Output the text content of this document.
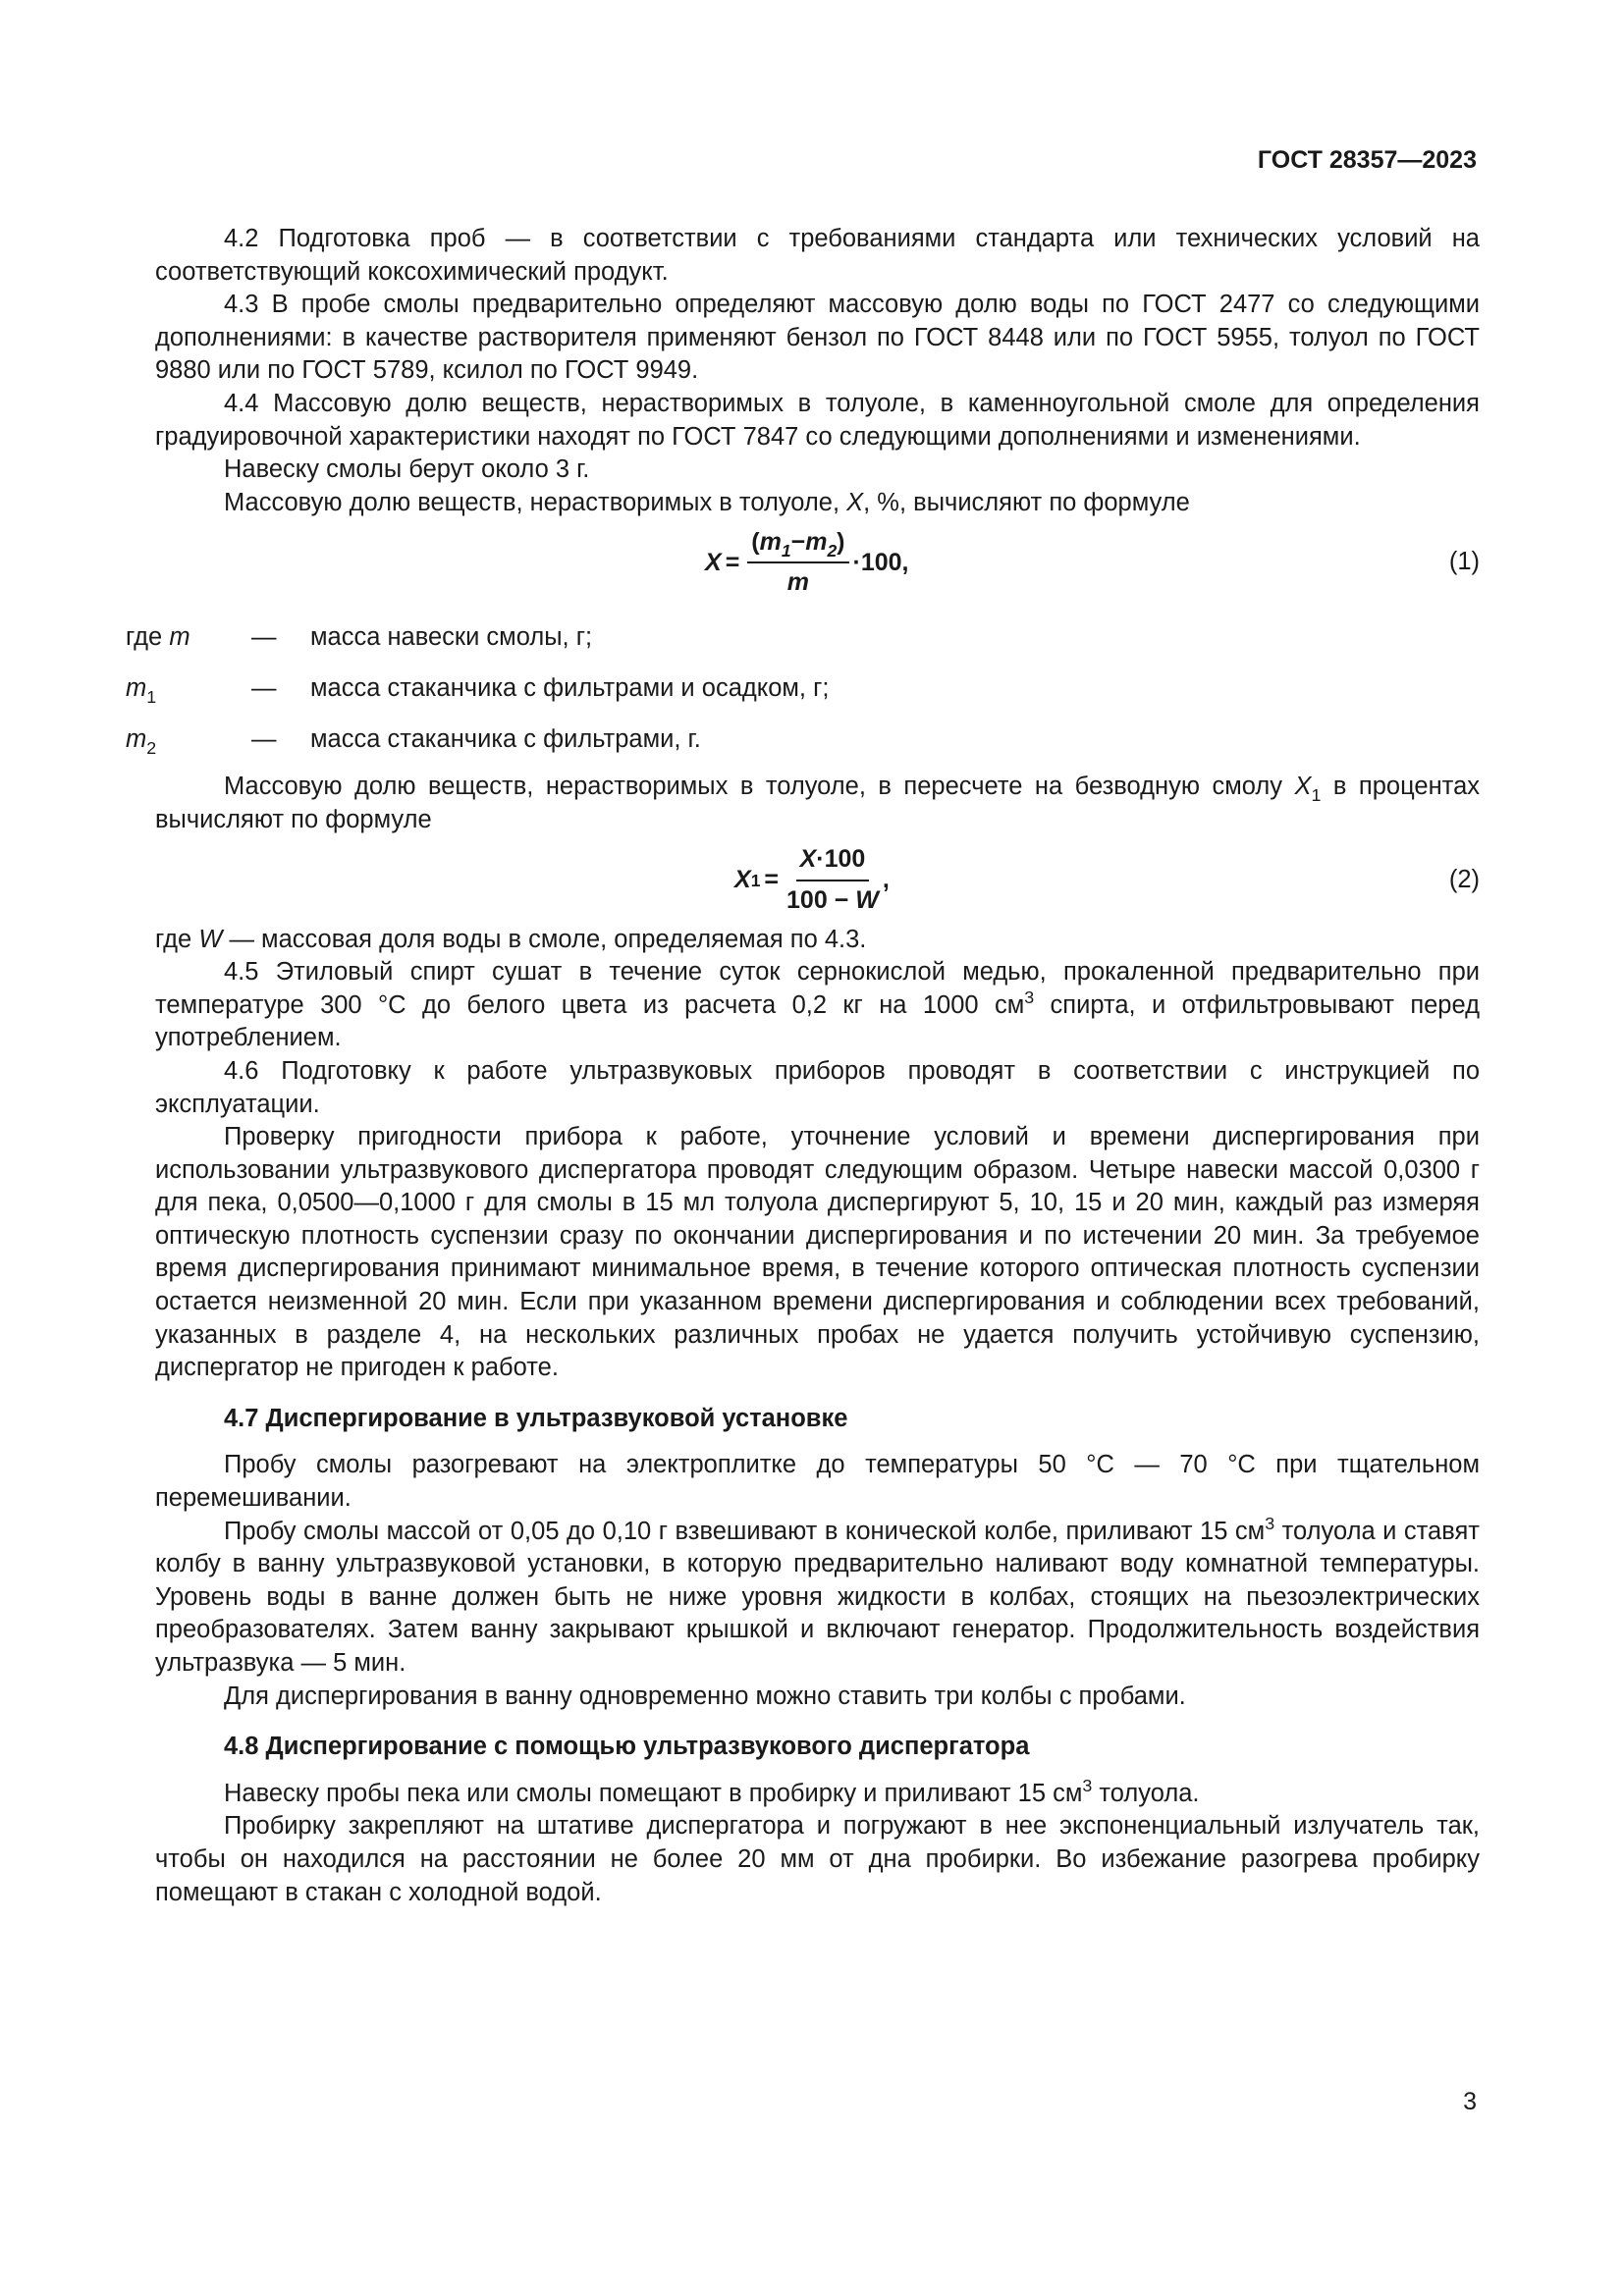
ГОСТ 28357—2023

4.2 Подготовка проб — в соответствии с требованиями стандарта или технических условий на соответствующий коксохимический продукт.

4.3 В пробе смолы предварительно определяют массовую долю воды по ГОСТ 2477 со следующими дополнениями: в качестве растворителя применяют бензол по ГОСТ 8448 или по ГОСТ 5955, толуол по ГОСТ 9880 или по ГОСТ 5789, ксилол по ГОСТ 9949.

4.4 Массовую долю веществ, нерастворимых в толуоле, в каменноугольной смоле для определения градуировочной характеристики находят по ГОСТ 7847 со следующими дополнениями и изменениями.

Навеску смолы берут около 3 г.

Массовую долю веществ, нерастворимых в толуоле, X, %, вычисляют по формуле

$X = \frac{(m_1-m_2)}{m} \cdot 100$,	(1)
где m	—	масса навески смолы, г;
$m_1$	—	масса стаканчика с фильтрами и осадком, г;
$m_2$	—	масса стаканчика с фильтрами, г.

Массовую долю веществ, нерастворимых в толуоле, в пересчете на безводную смолу $X_1$ в процентах вычисляют по формуле

X $1 = \frac{X\cdot 100}{100 - W}$ ,	(2)

где W — массовая доля воды в смоле, определяемая по 4.3.

4.5 Этиловый спирт сушат в течение суток сернокислой медью, прокаленной предварительно при температуре 300 °С до белого цвета из расчета 0,2 кг на 1000 $см^3$ спирта, и отфильтровывают перед употреблением.

4.6 Подготовку к работе ультразвуковых приборов проводят в соответствии с инструкцией по эксплуатации.

Проверку пригодности прибора к работе, уточнение условий и времени диспергирования при использовании ультразвукового диспергатора проводят следующим образом. Четыре навески массой 0,0300 г для пека, 0,0500—0,1000 г для смолы в 15 мл толуола диспергируют 5, 10, 15 и 20 мин, каждый раз измеряя оптическую плотность суспензии сразу по окончании диспергирования и по истечении 20 мин. За требуемое время диспергирования принимают минимальное время, в течение которого оптическая плотность суспензии остается неизменной 20 мин. Если при указанном времени диспергирования и соблюдении всех требований, указанных в разделе 4, на нескольких различных пробах не удается получить устойчивую суспензию, диспергатор не пригоден к работе.

4.7 Диспергирование в ультразвуковой установке

Пробу смолы разогревают на электроплитке до температуры 50 °С — 70 °С при тщательном перемешивании.

Пробу смолы массой от 0,05 до 0,10 г взвешивают в конической колбе, приливают 15 $см^3$ толуола и ставят колбу в ванну ультразвуковой установки, в которую предварительно наливают воду комнатной температуры. Уровень воды в ванне должен быть не ниже уровня жидкости в колбах, стоящих на пьезоэлектрических преобразователях. Затем ванну закрывают крышкой и включают генератор. Продолжительность воздействия ультразвука — 5 мин.

Для диспергирования в ванну одновременно можно ставить три колбы с пробами.

4.8 Диспергирование с помощью ультразвукового диспергатора

Навеску пробы пека или смолы помещают в пробирку и приливают 15 $см^3$ толуола.

Пробирку закрепляют на штативе диспергатора и погружают в нее экспоненциальный излучатель так, чтобы он находился на расстоянии не более 20 мм от дна пробирки. Во избежание разогрева пробирку помещают в стакан с холодной водой.

3
